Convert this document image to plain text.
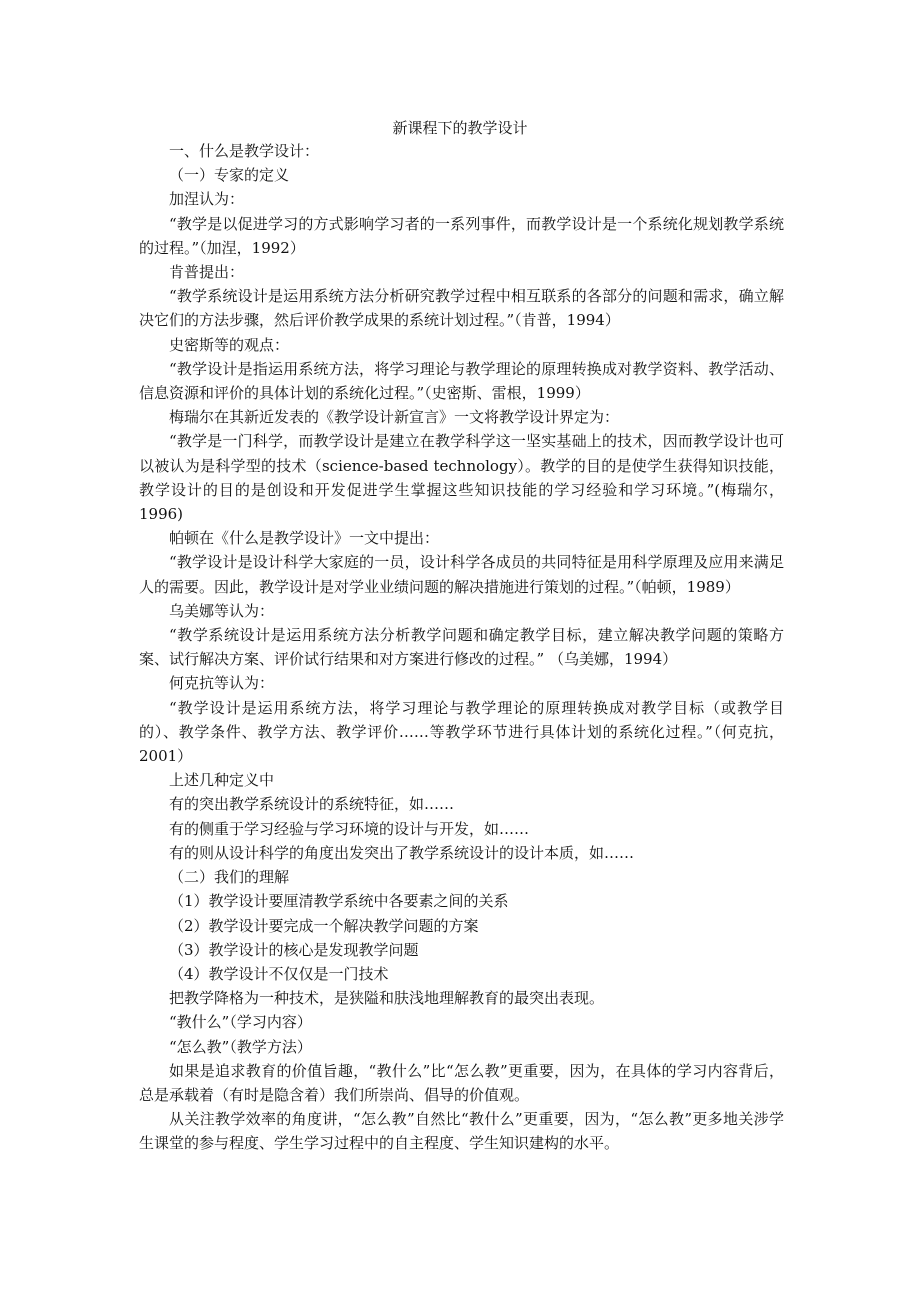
新课程下的教学设计

一、什么是教学设计：

（一）专家的定义

加涅认为：

“教学是以促进学习的方式影响学习者的一系列事件，而教学设计是一个系统化规划教学系统的过程。”（加涅，1992）

肯普提出：

“教学系统设计是运用系统方法分析研究教学过程中相互联系的各部分的问题和需求，确立解决它们的方法步骤，然后评价教学成果的系统计划过程。”（肯普，1994）

史密斯等的观点：

“教学设计是指运用系统方法，将学习理论与教学理论的原理转换成对教学资料、教学活动、信息资源和评价的具体计划的系统化过程。”（史密斯、雷根，1999）

梅瑞尔在其新近发表的《教学设计新宣言》一文将教学设计界定为：

“教学是一门科学，而教学设计是建立在教学科学这一坚实基础上的技术，因而教学设计也可以被认为是科学型的技术（science-based technology）。教学的目的是使学生获得知识技能，教学设计的目的是创设和开发促进学生掌握这些知识技能的学习经验和学习环境。”(梅瑞尔，1996)

帕顿在《什么是教学设计》一文中提出：

“教学设计是设计科学大家庭的一员，设计科学各成员的共同特征是用科学原理及应用来满足人的需要。因此，教学设计是对学业业绩问题的解决措施进行策划的过程。”（帕顿，1989）

乌美娜等认为：

“教学系统设计是运用系统方法分析教学问题和确定教学目标，建立解决教学问题的策略方案、试行解决方案、评价试行结果和对方案进行修改的过程。” （乌美娜，1994）

何克抗等认为：

“教学设计是运用系统方法，将学习理论与教学理论的原理转换成对教学目标（或教学目的）、教学条件、教学方法、教学评价……等教学环节进行具体计划的系统化过程。”（何克抗，2001）

上述几种定义中

有的突出教学系统设计的系统特征，如……

有的侧重于学习经验与学习环境的设计与开发，如……

有的则从设计科学的角度出发突出了教学系统设计的设计本质，如……

（二）我们的理解

（1）教学设计要厘清教学系统中各要素之间的关系

（2）教学设计要完成一个解决教学问题的方案

（3）教学设计的核心是发现教学问题

（4）教学设计不仅仅是一门技术

把教学降格为一种技术，是狭隘和肤浅地理解教育的最突出表现。

“教什么”（学习内容）

“怎么教”（教学方法）

如果是追求教育的价值旨趣，“教什么”比“怎么教”更重要，因为，在具体的学习内容背后，总是承载着（有时是隐含着）我们所崇尚、倡导的价值观。

从关注教学效率的角度讲，“怎么教”自然比“教什么”更重要，因为，“怎么教”更多地关涉学生课堂的参与程度、学生学习过程中的自主程度、学生知识建构的水平。
